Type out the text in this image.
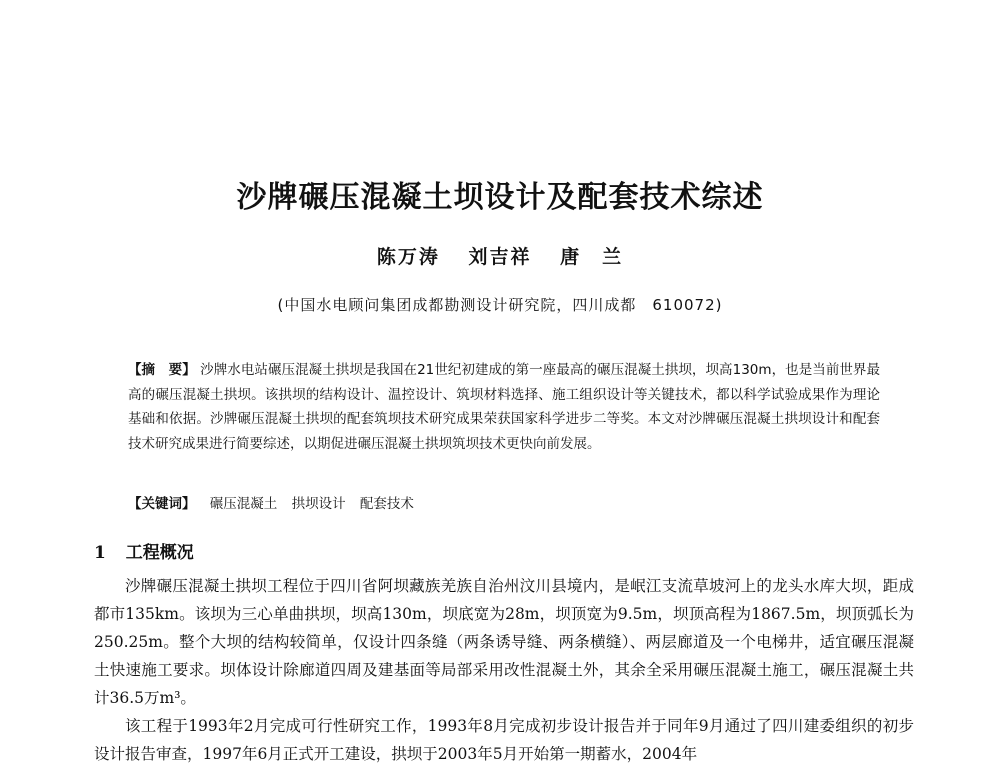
沙牌碾压混凝土坝设计及配套技术综述
陈万涛 刘吉祥 唐　兰
(中国水电顾问集团成都勘测设计研究院，四川成都　610072)
【摘　要】 沙牌水电站碾压混凝土拱坝是我国在21世纪初建成的第一座最高的碾压混凝土拱坝，坝高130m，也是当前世界最高的碾压混凝土拱坝。该拱坝的结构设计、温控设计、筑坝材料选择、施工组织设计等关键技术，都以科学试验成果作为理论基础和依据。沙牌碾压混凝土拱坝的配套筑坝技术研究成果荣获国家科学进步二等奖。本文对沙牌碾压混凝土拱坝设计和配套技术研究成果进行简要综述，以期促进碾压混凝土拱坝筑坝技术更快向前发展。
【关键词】 碾压混凝土 拱坝设计 配套技术
1 工程概况

沙牌碾压混凝土拱坝工程位于四川省阿坝藏族羌族自治州汶川县境内，是岷江支流草坡河上的龙头水库大坝，距成都市135km。该坝为三心单曲拱坝，坝高130m，坝底宽为28m，坝顶宽为9.5m，坝顶高程为1867.5m，坝顶弧长为250.25m。整个大坝的结构较简单，仅设计四条缝（两条诱导缝、两条横缝）、两层廊道及一个电梯井，适宜碾压混凝土快速施工要求。坝体设计除廊道四周及建基面等局部采用改性混凝土外，其余全采用碾压混凝土施工，碾压混凝土共计36.5万m³。

该工程于1993年2月完成可行性研究工作，1993年8月完成初步设计报告并于同年9月通过了四川建委组织的初步设计报告审查，1997年6月正式开工建设，拱坝于2003年5月开始第一期蓄水，2004年
